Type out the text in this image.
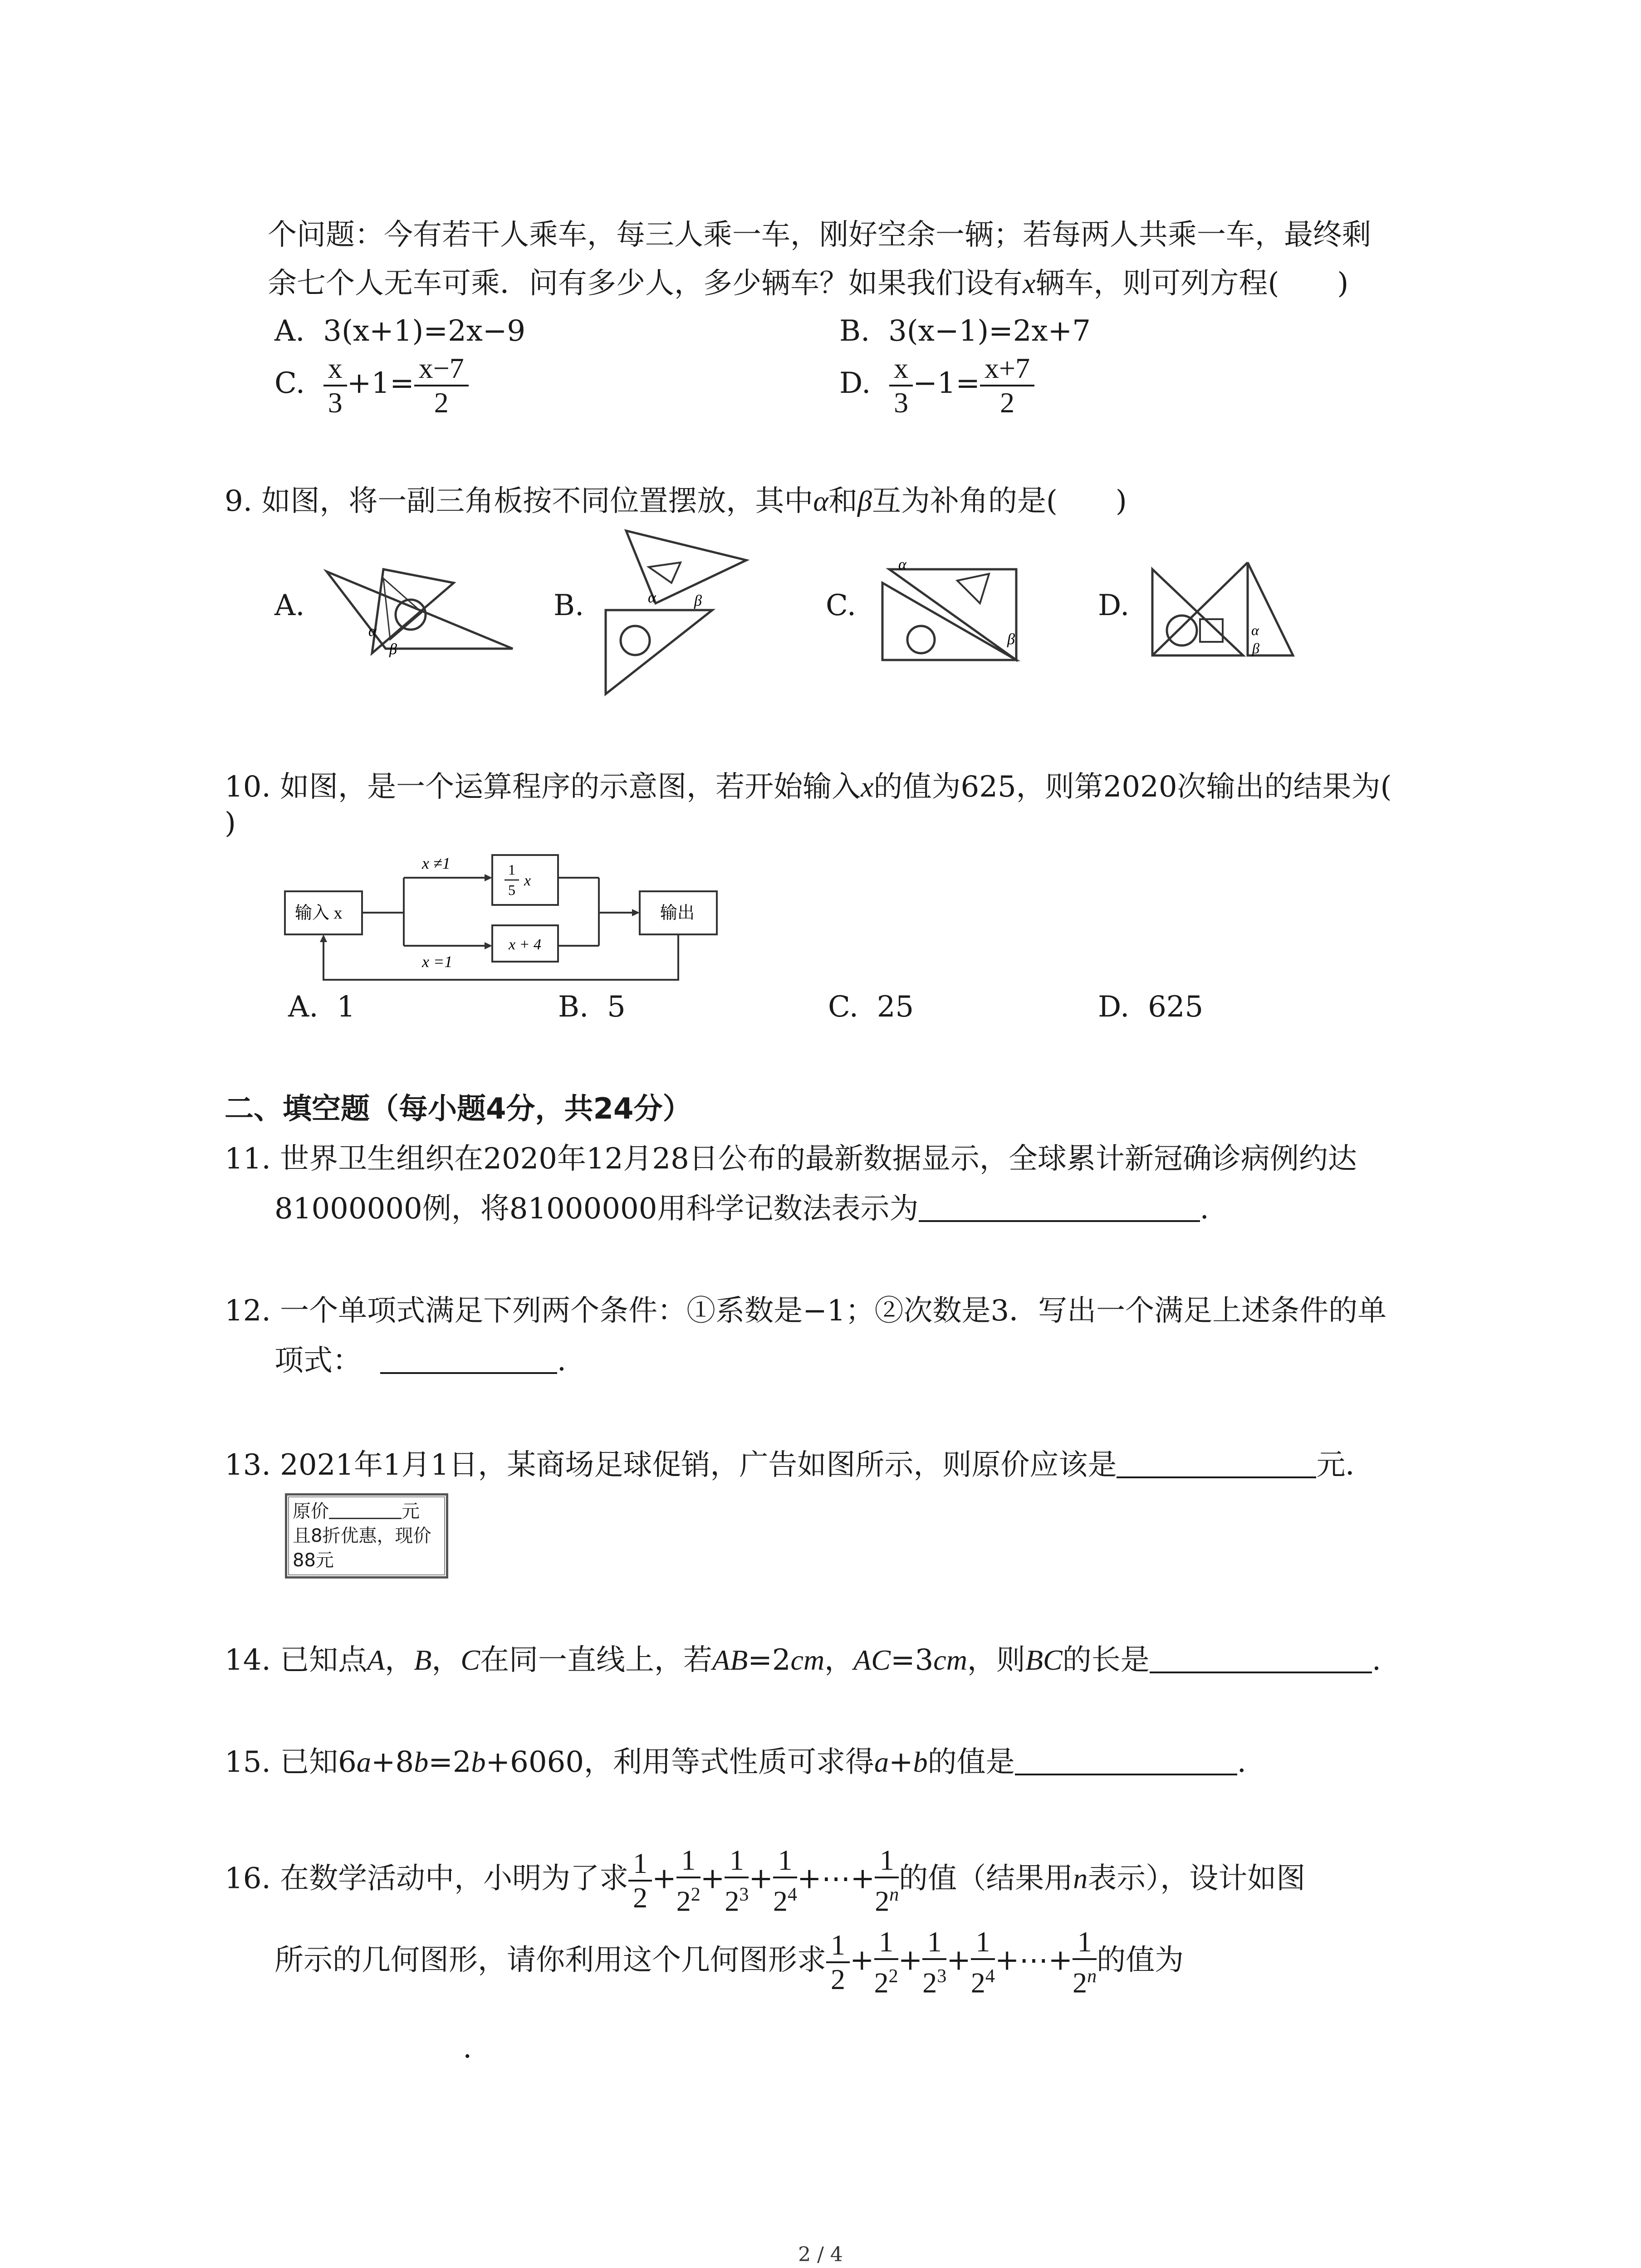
个问题：今有若干人乘车，每三人乘一车，刚好空余一辆；若每两人共乘一车，最终剩
余七个人无车可乘．问有多少人，多少辆车？如果我们设有x辆车，则可列方程(　　)
A. 3(x+1)=2x−9	B. 3(x−1)=2x+7
C. $\frac{x}{3} +1= \frac{x-7}{2}$	D. $\frac{x}{3} -1= \frac{x+7}{2}$
9. 如图，将一副三角板按不同位置摆放，其中α和β互为补角的是(　　)
A.	B.	C.	D.
α
β
α β
α
β
α
β
10. 如图，是一个运算程序的示意图，若开始输入x的值为625，则第2020次输出的结果为(
)
输入 x	输出
x ≠1
x =1
1
5
x
x + 4
A. 1	B. 5	C. 25	D. 625
二、填空题（每小题4分，共24分）
11. 世界卫生组织在2020年12月28日公布的最新数据显示，全球累计新冠确诊病例约达
81000000例，将81000000用科学记数法表示为	.
12. 一个单项式满足下列两个条件：①系数是−1；②次数是3．写出一个满足上述条件的单
项式：	.
13. 2021年1月1日，某商场足球促销，广告如图所示，则原价应该是	元．
原价	元
且8折优惠，现价
88元
14. 已知点A，B，C在同一直线上，若AB=2cm，AC=3cm，则BC的长是	.
15. 已知6a+8b=2b+6060，利用等式性质可求得a+b的值是	.
16. 在数学活动中，小明为了求 $\frac{1}{2} + \frac{1}{2^2} + \frac{1}{2^3} + \frac{1}{2^4}$ +⋯+ $\frac{1}{2^n}$ 的值（结果用n表示），设计如图
所示的几何图形，请你利用这个几何图形求 $\frac{1}{2} + \frac{1}{2^2} + \frac{1}{2^3} + \frac{1}{2^4}$ +⋯+ $\frac{1}{2^n}$ 的值为
.
2 / 4
